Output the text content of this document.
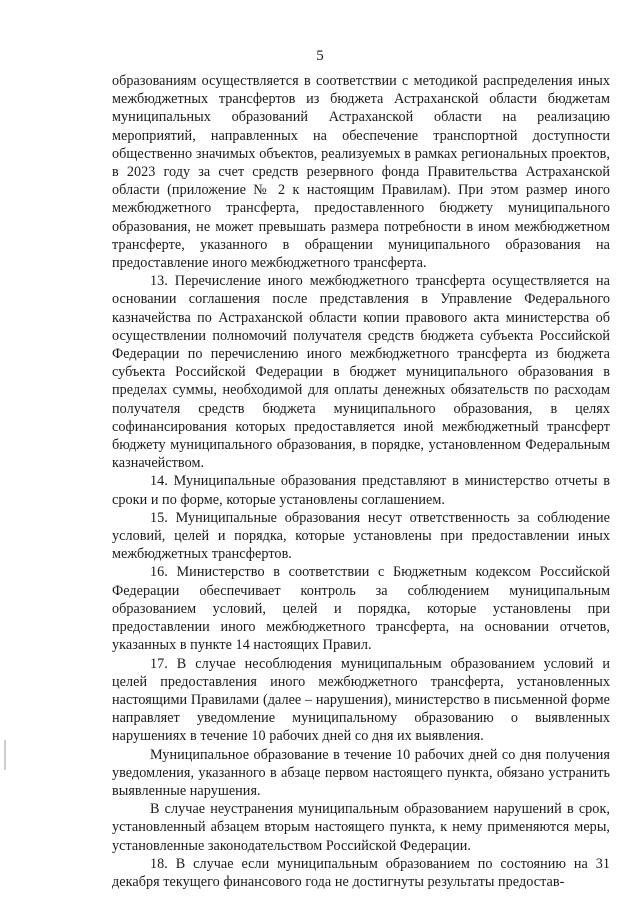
5

образованиям осуществляется в соответствии с методикой распределения иных межбюджетных трансфертов из бюджета Астраханской области бюджетам муниципальных образований Астраханской области на реализацию мероприятий, направленных на обеспечение транспортной доступности общественно значимых объектов, реализуемых в рамках региональных проектов, в 2023 году за счет средств резервного фонда Правительства Астраханской области (приложение № 2 к настоящим Правилам). При этом размер иного межбюджетного трансферта, предоставленного бюджету муниципального образования, не может превышать размера потребности в ином межбюджетном трансферте, указанного в обращении муниципального образования на предоставление иного межбюджетного трансферта.

13. Перечисление иного межбюджетного трансферта осуществляется на основании соглашения после представления в Управление Федерального казначейства по Астраханской области копии правового акта министерства об осуществлении полномочий получателя средств бюджета субъекта Российской Федерации по перечислению иного межбюджетного трансферта из бюджета субъекта Российской Федерации в бюджет муниципального образования в пределах суммы, необходимой для оплаты денежных обязательств по расходам получателя средств бюджета муниципального образования, в целях софинансирования которых предоставляется иной межбюджетный трансферт бюджету муниципального образования, в порядке, установленном Федеральным казначейством.

14. Муниципальные образования представляют в министерство отчеты в сроки и по форме, которые установлены соглашением.

15. Муниципальные образования несут ответственность за соблюдение условий, целей и порядка, которые установлены при предоставлении иных межбюджетных трансфертов.

16. Министерство в соответствии с Бюджетным кодексом Российской Федерации обеспечивает контроль за соблюдением муниципальным образованием условий, целей и порядка, которые установлены при предоставлении иного межбюджетного трансферта, на основании отчетов, указанных в пункте 14 настоящих Правил.

17. В случае несоблюдения муниципальным образованием условий и целей предоставления иного межбюджетного трансферта, установленных настоящими Правилами (далее – нарушения), министерство в письменной форме направляет уведомление муниципальному образованию о выявленных нарушениях в течение 10 рабочих дней со дня их выявления.

Муниципальное образование в течение 10 рабочих дней со дня получения уведомления, указанного в абзаце первом настоящего пункта, обязано устранить выявленные нарушения.

В случае неустранения муниципальным образованием нарушений в срок, установленный абзацем вторым настоящего пункта, к нему применяются меры, установленные законодательством Российской Федерации.

18. В случае если муниципальным образованием по состоянию на 31 декабря текущего финансового года не достигнуты результаты предостав-
